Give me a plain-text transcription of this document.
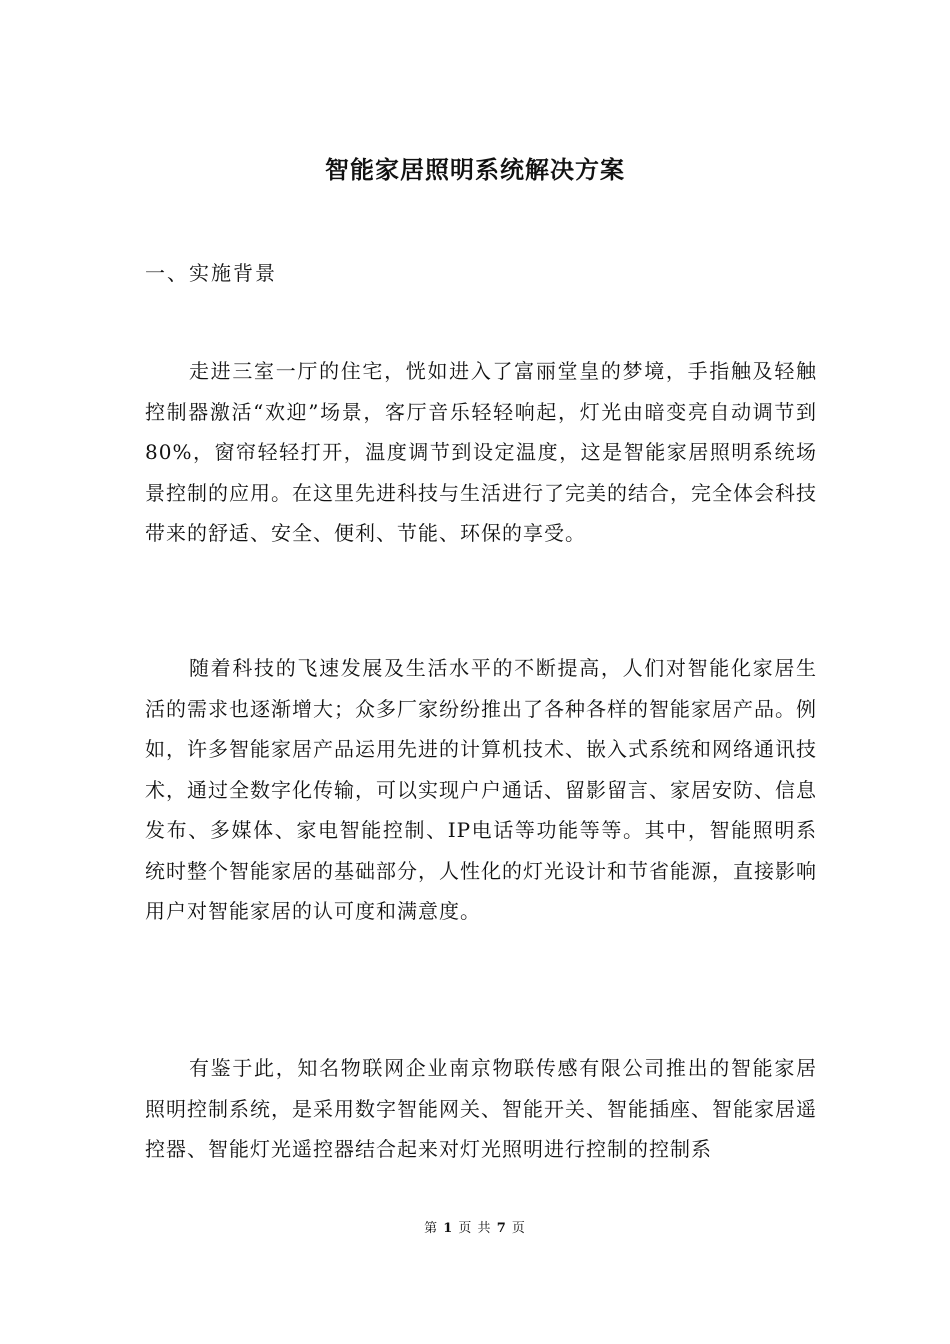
智能家居照明系统解决方案
一、实施背景

走进三室一厅的住宅，恍如进入了富丽堂皇的梦境，手指触及轻触控制器激活“欢迎”场景，客厅音乐轻轻响起，灯光由暗变亮自动调节到80%，窗帘轻轻打开，温度调节到设定温度，这是智能家居照明系统场景控制的应用。在这里先进科技与生活进行了完美的结合，完全体会科技带来的舒适、安全、便利、节能、环保的享受。

随着科技的飞速发展及生活水平的不断提高，人们对智能化家居生活的需求也逐渐增大；众多厂家纷纷推出了各种各样的智能家居产品。例如，许多智能家居产品运用先进的计算机技术、嵌入式系统和网络通讯技术，通过全数字化传输，可以实现户户通话、留影留言、家居安防、信息发布、多媒体、家电智能控制、IP电话等功能等等。其中，智能照明系统时整个智能家居的基础部分，人性化的灯光设计和节省能源，直接影响用户对智能家居的认可度和满意度。

有鉴于此，知名物联网企业南京物联传感有限公司推出的智能家居照明控制系统，是采用数字智能网关、智能开关、智能插座、智能家居遥控器、智能灯光遥控器结合起来对灯光照明进行控制的控制系

第 1 页 共 7 页
